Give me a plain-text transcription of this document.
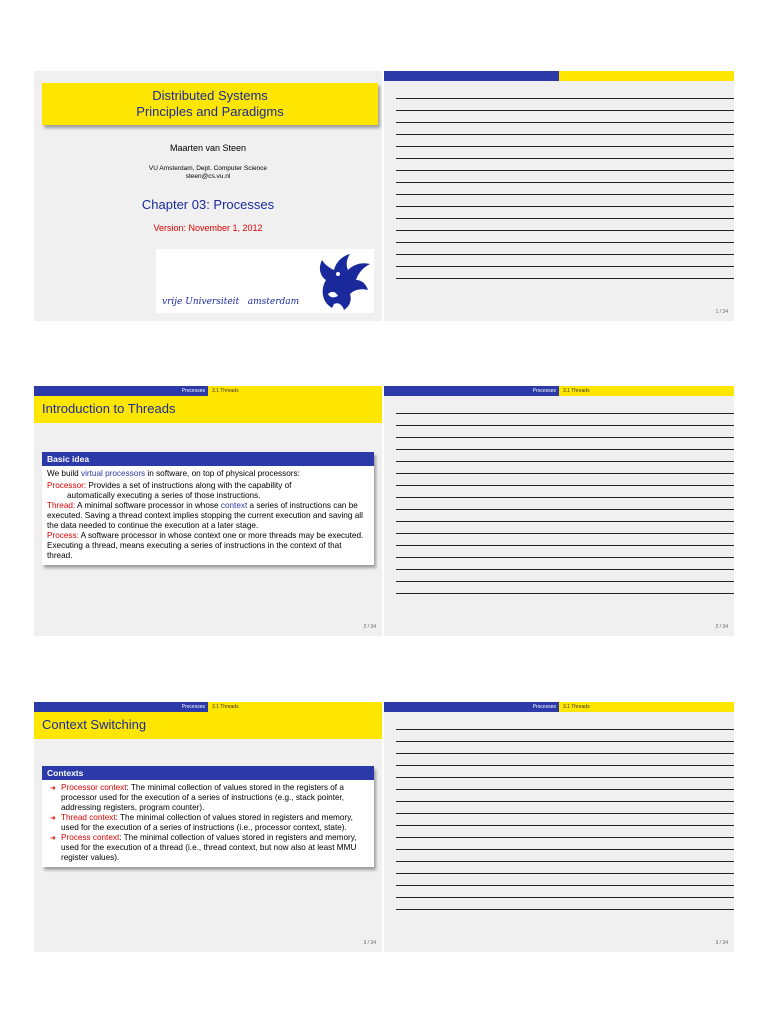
Distributed Systems
Principles and Paradigms
Maarten van Steen
VU Amsterdam, Dept. Computer Science
steen@cs.vu.nl
Chapter 03: Processes
Version: November 1, 2012
vrije Universiteit amsterdam
1 / 34
Processes	3.1 Threads
Introduction to Threads
Basic idea
We build virtual processors in software, on top of physical processors:
Processor: Provides a set of instructions along with the capability of
automatically executing a series of those instructions.
Thread: A minimal software processor in whose context a series of instructions can be executed. Saving a thread context implies stopping the current execution and saving all the data needed to continue the execution at a later stage.
Process: A software processor in whose context one or more threads may be executed. Executing a thread, means executing a series of instructions in the context of that thread.
2 / 34
Processes	3.1 Threads
2 / 34
Processes	3.1 Threads
Context Switching
Contexts
➜ Processor context: The minimal collection of values stored in the registers of a processor used for the execution of a series of instructions (e.g., stack pointer, addressing registers, program counter).
➜ Thread context: The minimal collection of values stored in registers and memory, used for the execution of a series of instructions (i.e., processor context, state).
➜ Process context: The minimal collection of values stored in registers and memory, used for the execution of a thread (i.e., thread context, but now also at least MMU register values).
3 / 34
Processes	3.1 Threads
3 / 34
